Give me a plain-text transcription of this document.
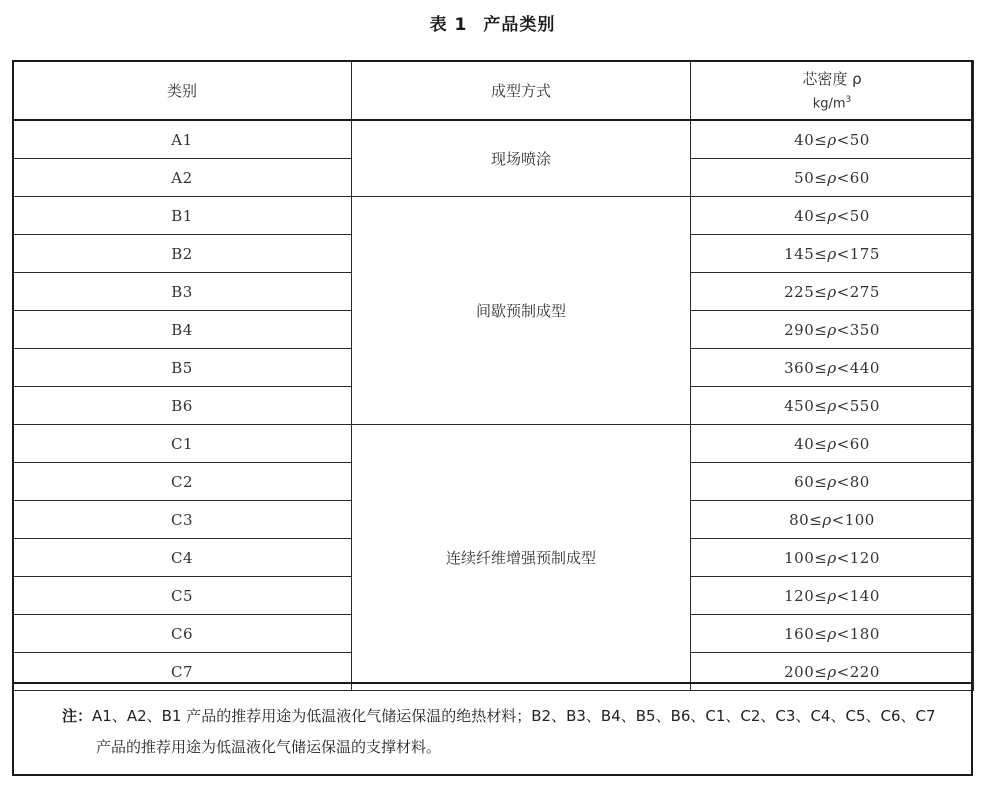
表 1 产品类别
类别	成型方式	芯密度 ρ
$kg/m^3$

A1	现场喷涂	40≤ρ<50
A2		50≤ρ<60
B1	间歇预制成型	40≤ρ<50
B2		145≤ρ<175
B3		225≤ρ<275
B4		290≤ρ<350
B5		360≤ρ<440
B6		450≤ρ<550
C1	连续纤维增强预制成型	40≤ρ<60
C2		60≤ρ<80
C3		80≤ρ<100
C4		100≤ρ<120
C5		120≤ρ<140
C6		160≤ρ<180
C7		200≤ρ<220
注：A1、A2、B1 产品的推荐用途为低温液化气储运保温的绝热材料；B2、B3、B4、B5、B6、C1、C2、C3、C4、C5、C6、C7
产品的推荐用途为低温液化气储运保温的支撑材料。
